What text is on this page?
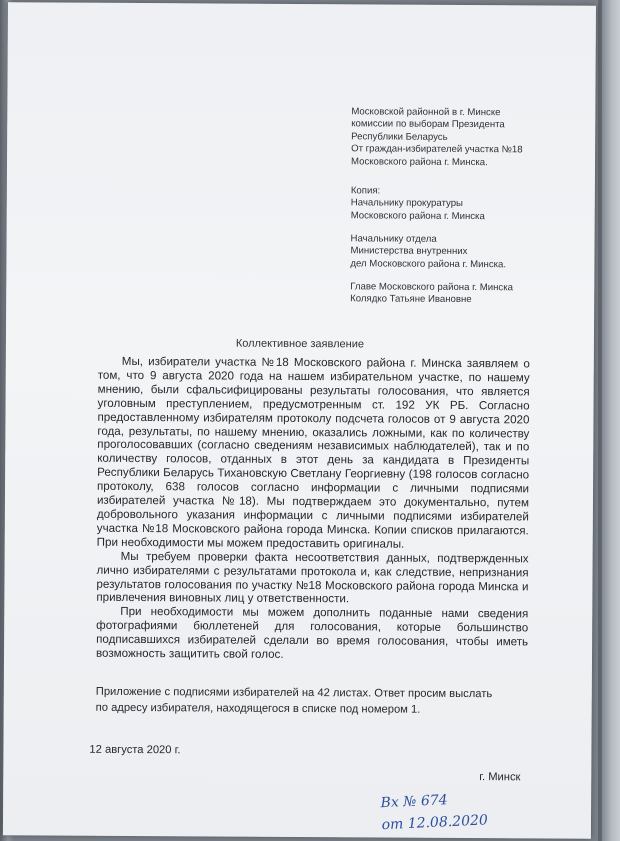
Московской районной в г. Минске
комиссии по выборам Президента
Республики Беларусь
От граждан-избирателей участка №18
Московского района г. Минска.
Копия:
Начальнику прокуратуры
Московского района г. Минска
Начальнику отдела
Министерства внутренних
дел Московского района г. Минска.
Главе Московского района г. Минска
Колядко Татьяне Ивановне
Коллективное заявление

Мы, избиратели участка №18 Московского района г. Минска заявляем о том, что 9 августа 2020 года на нашем избирательном участке, по нашему мнению, были сфальсифицированы результаты голосования, что является уголовным преступлением, предусмотренным ст. 192 УК РБ. Согласно предоставленному избирателям протоколу подсчета голосов от 9 августа 2020 года, результаты, по нашему мнению, оказались ложными, как по количеству проголосовавших (согласно сведениям независимых наблюдателей), так и по количеству голосов, отданных в этот день за кандидата в Президенты Республики Беларусь Тихановскую Светлану Георгиевну (198 голосов согласно протоколу, 638 голосов согласно информации с личными подписями избирателей участка №18). Мы подтверждаем это документально, путем добровольного указания информации с личными подписями избирателей участка №18 Московского района города Минска. Копии списков прилагаются. При необходимости мы можем предоставить оригиналы.

Мы требуем проверки факта несоответствия данных, подтвержденных лично избирателями с результатами протокола и, как следствие, непризнания результатов голосования по участку №18 Московского района города Минска и привлечения виновных лиц у ответственности.

При необходимости мы можем дополнить поданные нами сведения фотографиями бюллетеней для голосования, которые большинство подписавшихся избирателей сделали во время голосования, чтобы иметь возможность защитить свой голос.

Приложение с подписями избирателей на 42 листах. Ответ просим выслать
по адресу избирателя, находящегося в списке под номером 1.
12 августа 2020 г.
г. Минск
Вх № 674
от 12.08.2020
